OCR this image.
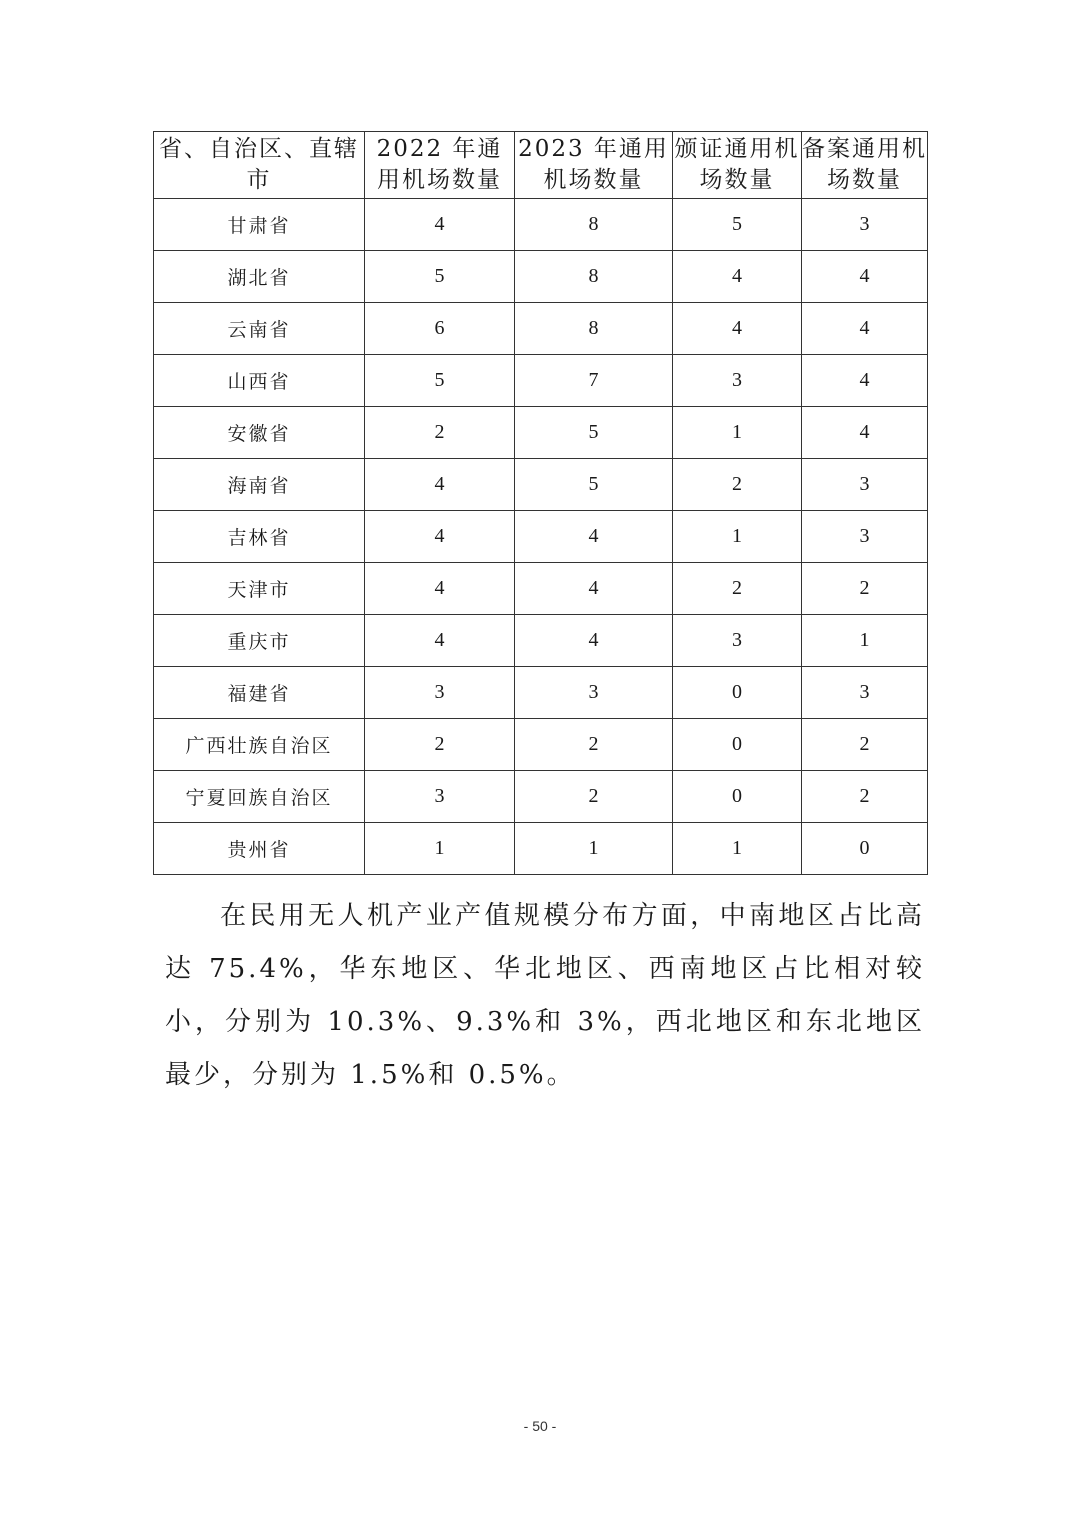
省、自治区、直辖市	2022 年通用机场数量	2023 年通用机场数量	颁证通用机场数量	备案通用机场数量
甘肃省	4	8	5	3
湖北省	5	8	4	4
云南省	6	8	4	4
山西省	5	7	3	4
安徽省	2	5	1	4
海南省	4	5	2	3
吉林省	4	4	1	3
天津市	4	4	2	2
重庆市	4	4	3	1
福建省	3	3	0	3
广西壮族自治区	2	2	0	2
宁夏回族自治区	3	2	0	2
贵州省	1	1	1	0

在民用无人机产业产值规模分布方面，中南地区占比高达 75.4%，华东地区、华北地区、西南地区占比相对较小，分别为 10.3%、9.3%和 3%，西北地区和东北地区最少，分别为 1.5%和 0.5%。

- 50 -
